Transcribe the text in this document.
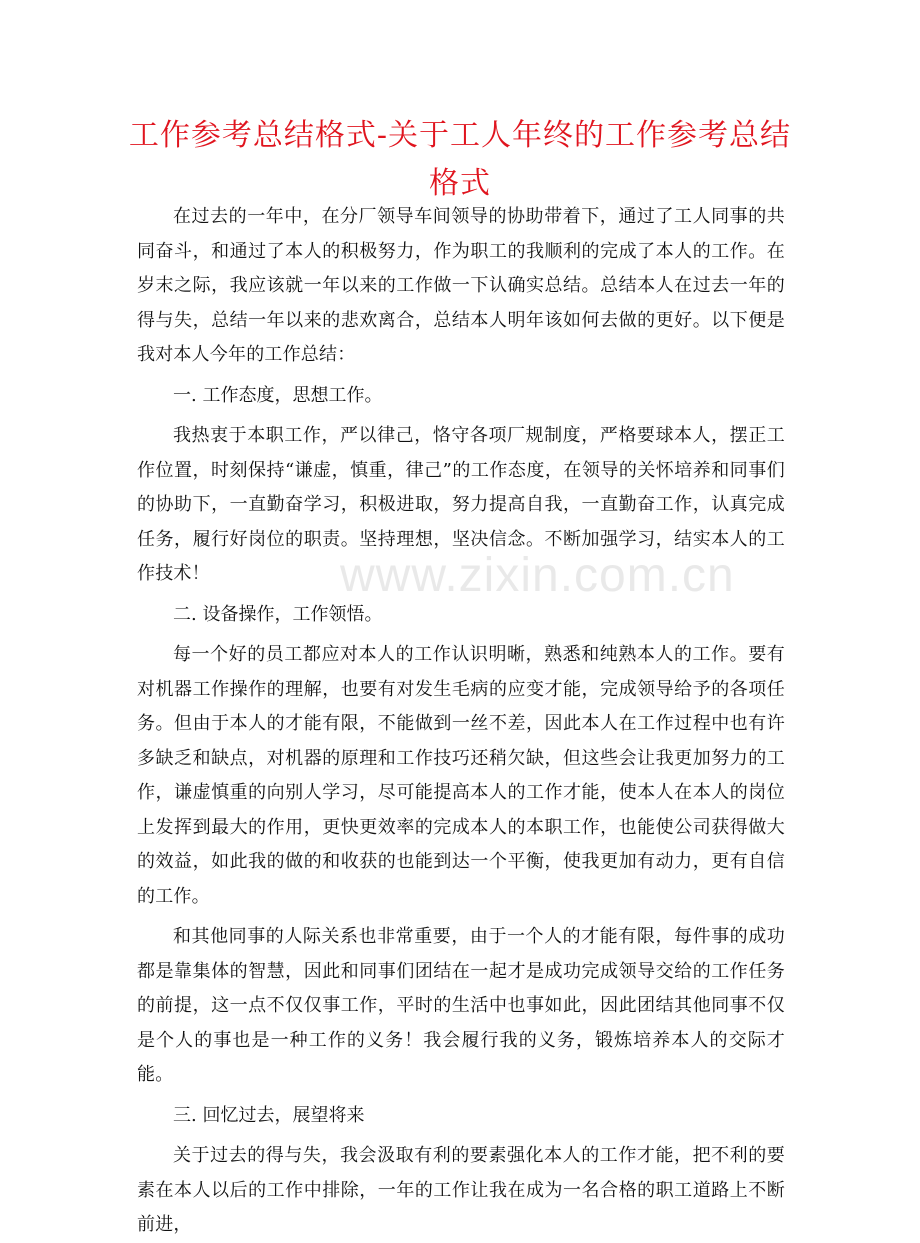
工作参考总结格式-关于工人年终的工作参考总结格式

在过去的一年中，在分厂领导车间领导的协助带着下，通过了工人同事的共同奋斗，和通过了本人的积极努力，作为职工的我顺利的完成了本人的工作。在岁末之际，我应该就一年以来的工作做一下认确实总结。总结本人在过去一年的得与失，总结一年以来的悲欢离合，总结本人明年该如何去做的更好。以下便是我对本人今年的工作总结：

一. 工作态度，思想工作。

我热衷于本职工作，严以律己，恪守各项厂规制度，严格要球本人，摆正工作位置，时刻保持“谦虚，慎重，律己”的工作态度，在领导的关怀培养和同事们的协助下，一直勤奋学习，积极进取，努力提高自我，一直勤奋工作，认真完成任务，履行好岗位的职责。坚持理想，坚决信念。不断加强学习，结实本人的工作技术！

二. 设备操作，工作领悟。

每一个好的员工都应对本人的工作认识明晰，熟悉和纯熟本人的工作。要有对机器工作操作的理解，也要有对发生毛病的应变才能，完成领导给予的各项任务。但由于本人的才能有限，不能做到一丝不差，因此本人在工作过程中也有许多缺乏和缺点，对机器的原理和工作技巧还稍欠缺，但这些会让我更加努力的工作，谦虚慎重的向别人学习，尽可能提高本人的工作才能，使本人在本人的岗位上发挥到最大的作用，更快更效率的完成本人的本职工作，也能使公司获得做大的效益，如此我的做的和收获的也能到达一个平衡，使我更加有动力，更有自信的工作。

和其他同事的人际关系也非常重要，由于一个人的才能有限，每件事的成功都是靠集体的智慧，因此和同事们团结在一起才是成功完成领导交给的工作任务的前提，这一点不仅仅事工作，平时的生活中也事如此，因此团结其他同事不仅是个人的事也是一种工作的义务！我会履行我的义务，锻炼培养本人的交际才能。

三. 回忆过去，展望将来

关于过去的得与失，我会汲取有利的要素强化本人的工作才能，把不利的要素在本人以后的工作中排除，一年的工作让我在成为一名合格的职工道路上不断前进，

www.zixin.com.cn
